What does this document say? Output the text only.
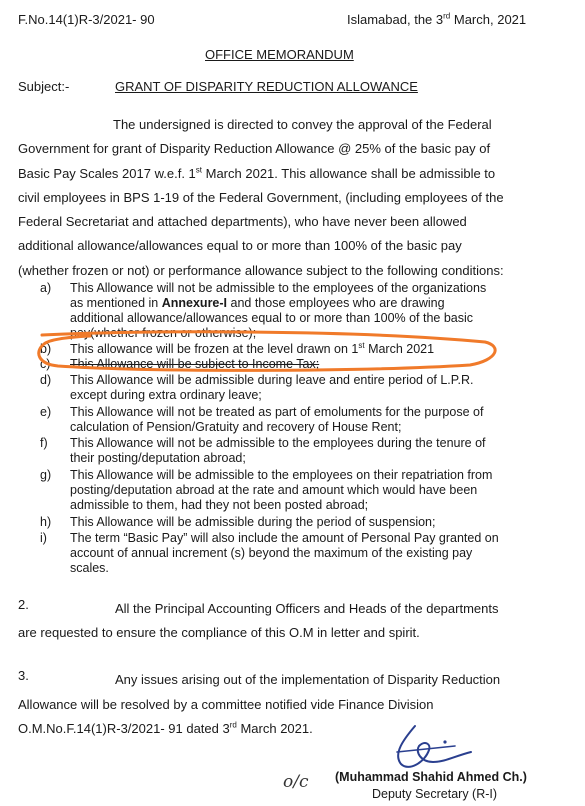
F.No.14(1)R-3/2021- 90	Islamabad, the 3rd March, 2021
OFFICE MEMORANDUM
Subject:-	GRANT OF DISPARITY REDUCTION ALLOWANCE
The undersigned is directed to convey the approval of the Federal
Government for grant of Disparity Reduction Allowance @ 25% of the basic pay of
Basic Pay Scales 2017 w.e.f. 1st March 2021. This allowance shall be admissible to
civil employees in BPS 1-19 of the Federal Government, (including employees of the
Federal Secretariat and attached departments), who have never been allowed
additional allowance/allowances equal to or more than 100% of the basic pay
(whether frozen or not) or performance allowance subject to the following conditions:
a)	This Allowance will not be admissible to the employees of the organizations
as mentioned in Annexure-I and those employees who are drawing
additional allowance/allowances equal to or more than 100% of the basic
pay(whether frozen or otherwise);
b)	This allowance will be frozen at the level drawn on 1st March 2021
c)	This Allowance will be subject to Income Tax;
d)	This Allowance will be admissible during leave and entire period of L.P.R.
except during extra ordinary leave;
e)	This Allowance will not be treated as part of emoluments for the purpose of
calculation of Pension/Gratuity and recovery of House Rent;
f)	This Allowance will not be admissible to the employees during the tenure of
their posting/deputation abroad;
g)	This Allowance will be admissible to the employees on their repatriation from
posting/deputation abroad at the rate and amount which would have been
admissible to them, had they not been posted abroad;
h)	This Allowance will be admissible during the period of suspension;
i)	The term “Basic Pay” will also include the amount of Personal Pay granted on
account of annual increment (s) beyond the maximum of the existing pay
scales.
2.	All the Principal Accounting Officers and Heads of the departments
are requested to ensure the compliance of this O.M in letter and spirit.
3.	Any issues arising out of the implementation of Disparity Reduction
Allowance will be resolved by a committee notified vide Finance Division
O.M.No.F.14(1)R-3/2021- 91 dated 3rd March 2021.
o/c (Muhammad Shahid Ahmed Ch.)
Deputy Secretary (R-I)
